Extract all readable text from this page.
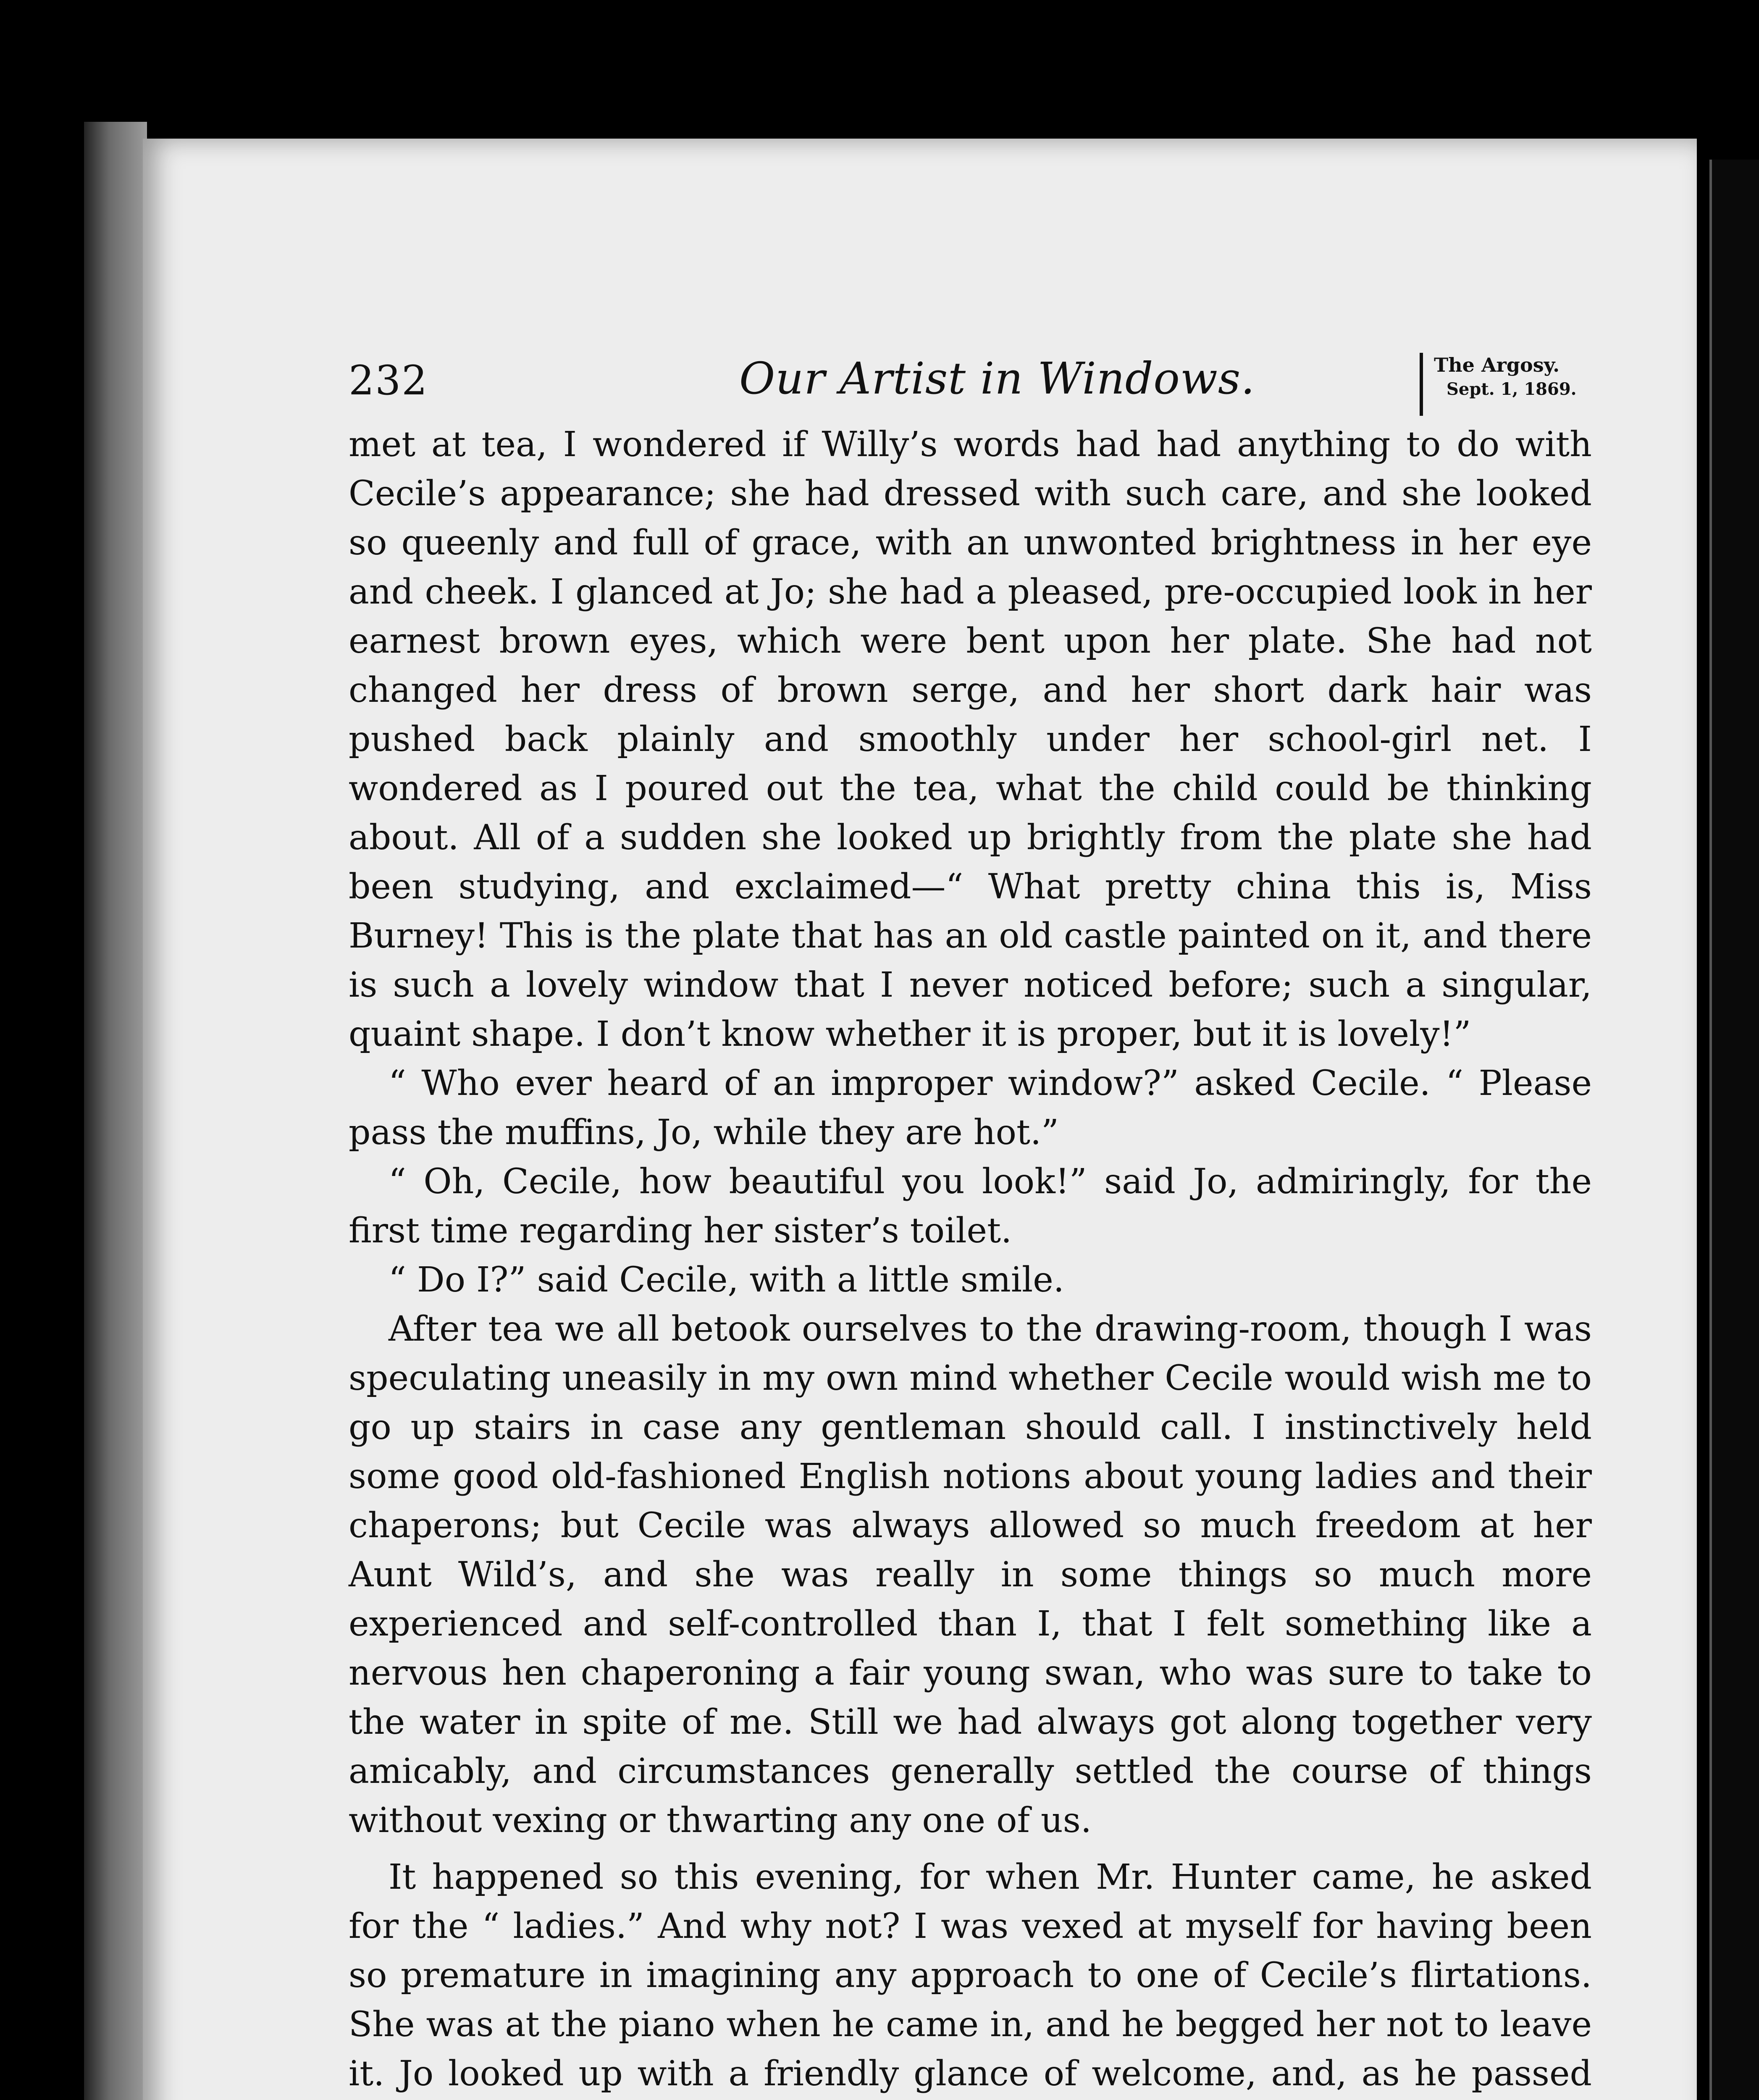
232	Our Artist in Windows.	The Argosy.
Sept. 1, 1869.

met at tea, I wondered if Willy’s words had had anything to do with Cecile’s appearance; she had dressed with such care, and she looked so queenly and full of grace, with an unwonted brightness in her eye and cheek. I glanced at Jo; she had a pleased, pre-occupied look in her earnest brown eyes, which were bent upon her plate. She had not changed her dress of brown serge, and her short dark hair was pushed back plainly and smoothly under her school-girl net. I wondered as I poured out the tea, what the child could be thinking about. All of a sudden she looked up brightly from the plate she had been studying, and exclaimed—“ What pretty china this is, Miss Burney! This is the plate that has an old castle painted on it, and there is such a lovely window that I never noticed before; such a singular, quaint shape. I don’t know whether it is proper, but it is lovely!”

“ Who ever heard of an improper window?” asked Cecile. “ Please pass the muffins, Jo, while they are hot.”

“ Oh, Cecile, how beautiful you look!” said Jo, admiringly, for the first time regarding her sister’s toilet.

“ Do I?” said Cecile, with a little smile.

After tea we all betook ourselves to the drawing-room, though I was speculating uneasily in my own mind whether Cecile would wish me to go up stairs in case any gentleman should call. I instinctively held some good old-fashioned English notions about young ladies and their chaperons; but Cecile was always allowed so much freedom at her Aunt Wild’s, and she was really in some things so much more experienced and self-controlled than I, that I felt something like a nervous hen chaperoning a fair young swan, who was sure to take to the water in spite of me. Still we had always got along together very amicably, and circumstances generally settled the course of things without vexing or thwarting any one of us.

It happened so this evening, for when Mr. Hunter came, he asked for the “ ladies.” And why not? I was vexed at myself for having been so premature in imagining any approach to one of Cecile’s flirtations. She was at the piano when he came in, and he begged her not to leave it. Jo looked up with a friendly glance of welcome, and, as he passed
